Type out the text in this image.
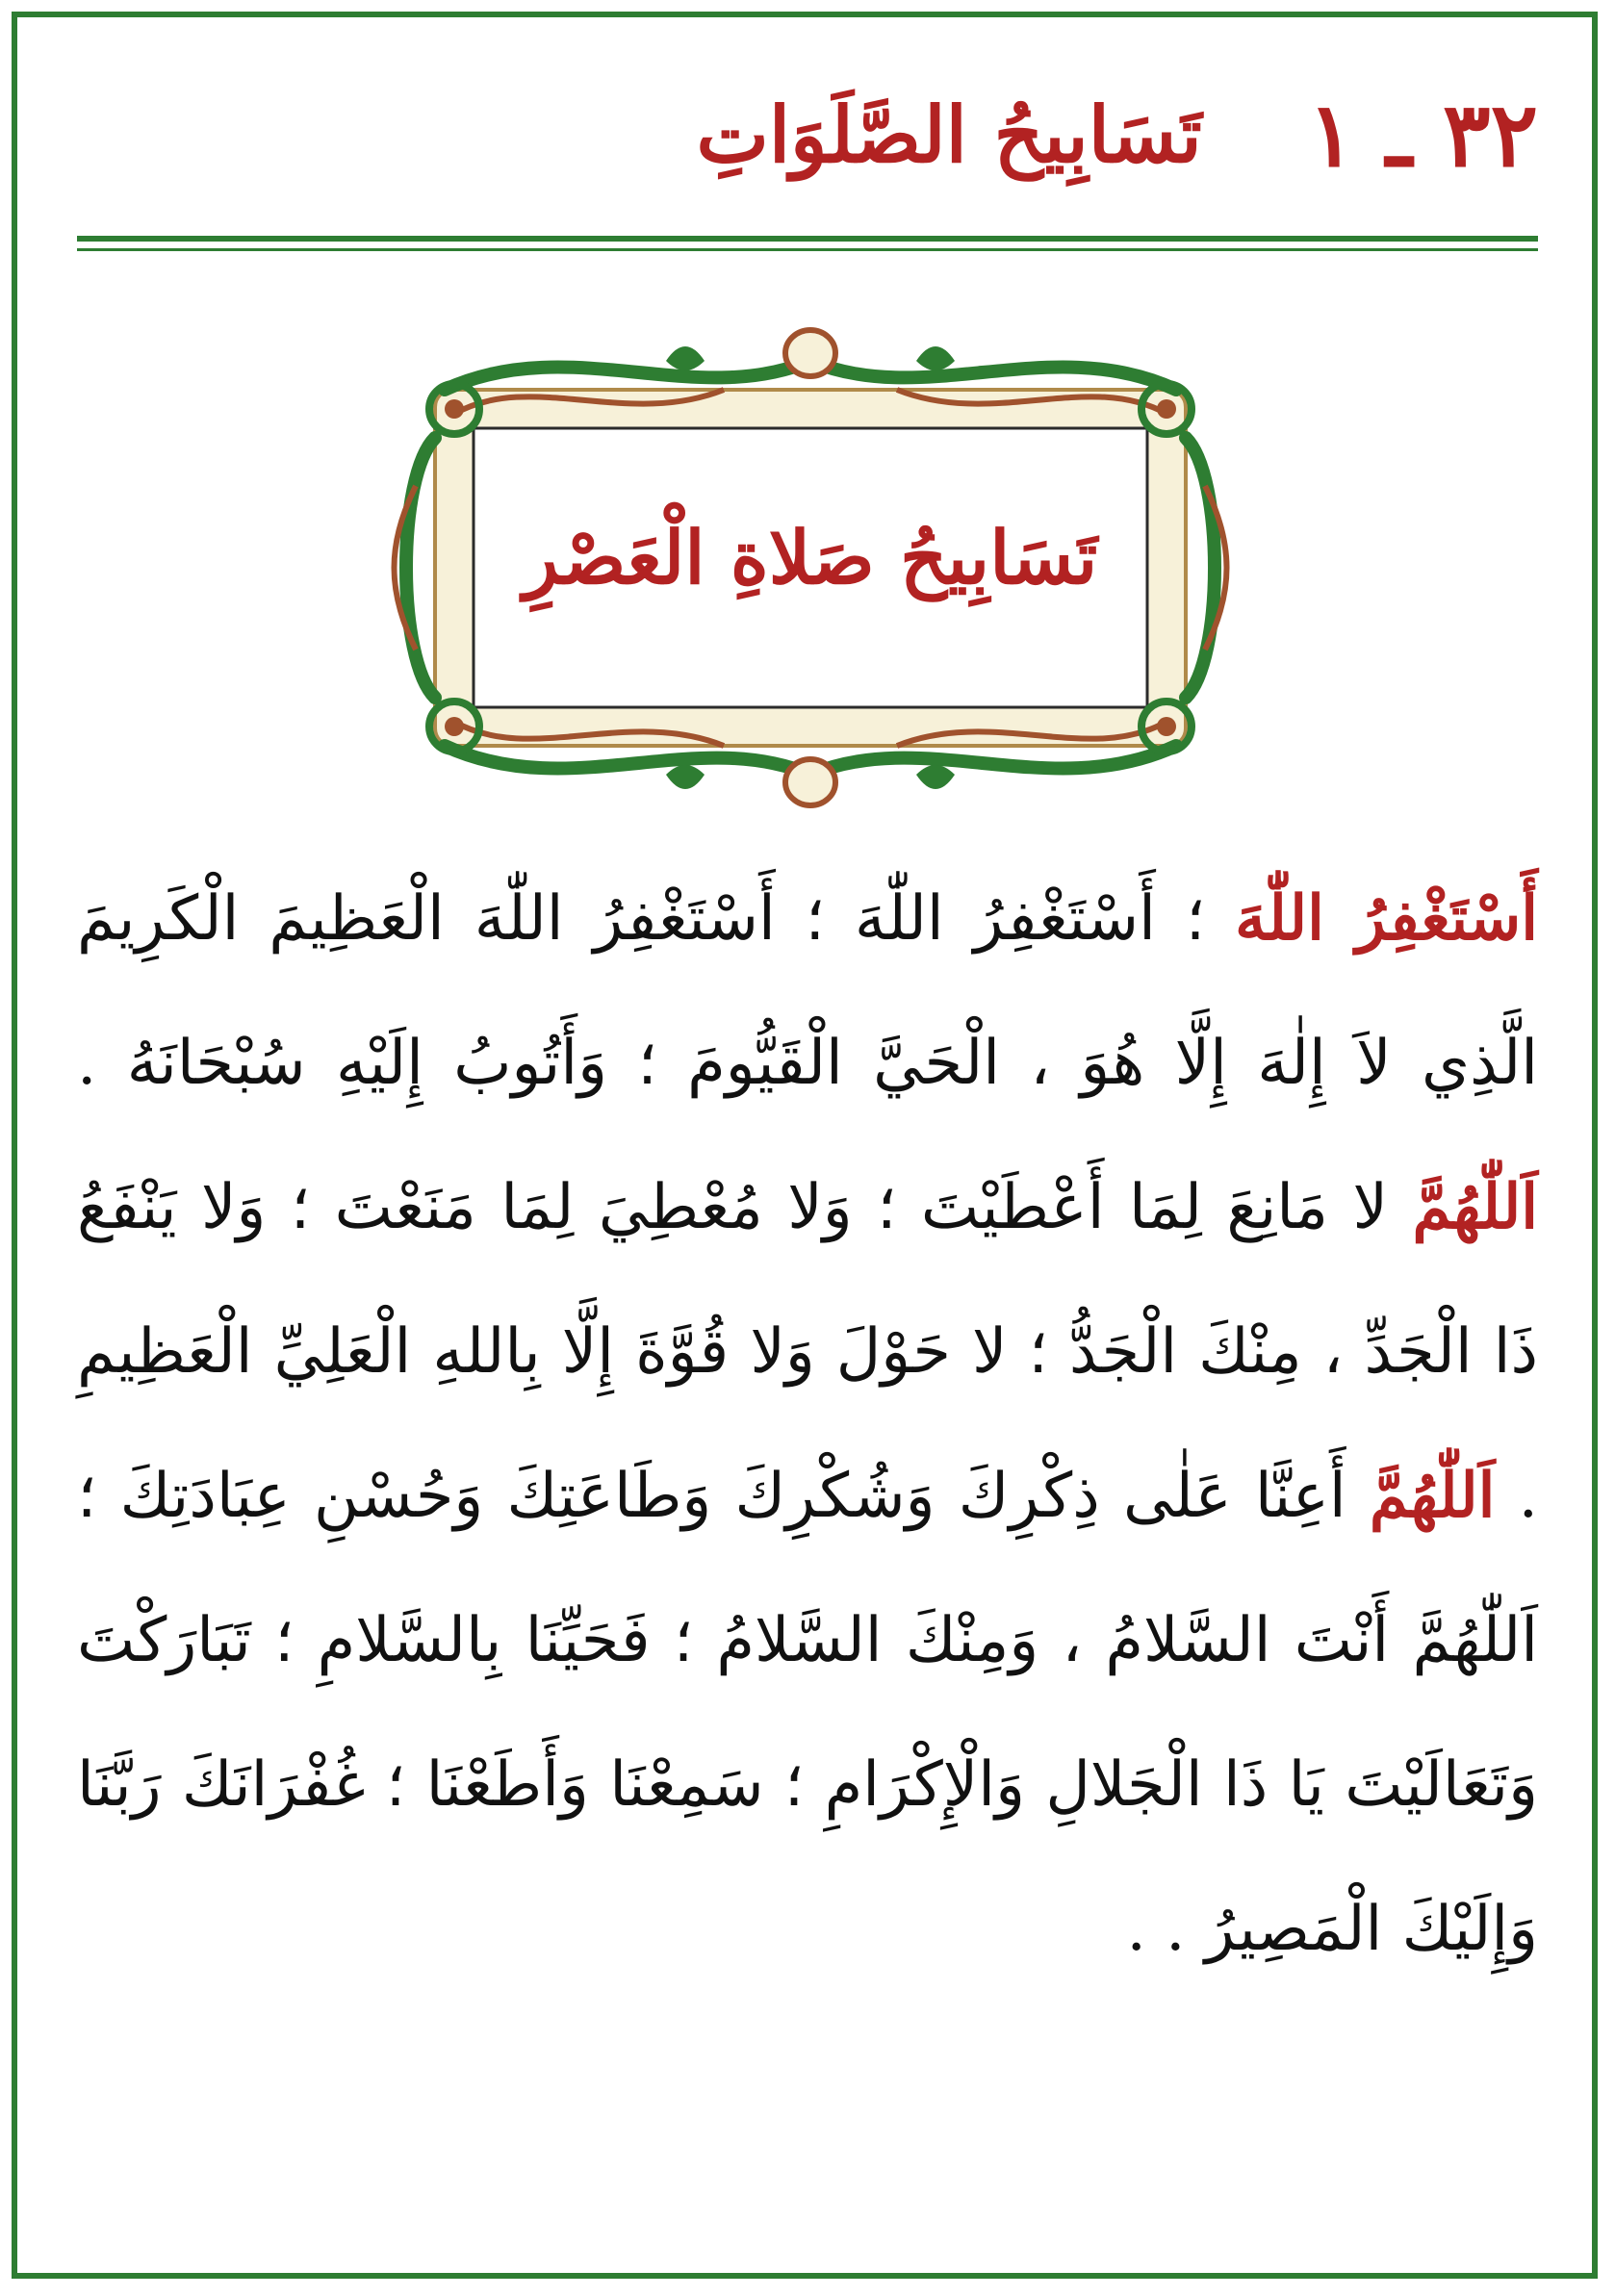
٣٢ ـ ١
تَسَابِيحُ الصَّلَوَاتِ
تَسَابِيحُ صَلاةِ الْعَصْرِ

أَسْتَغْفِرُ اللّٰهَ ؛ أَسْتَغْفِرُ اللّٰهَ ؛ أَسْتَغْفِرُ اللّٰهَ الْعَظِيمَ الْكَرِيمَ الَّذِي لاَ إِلٰهَ إِلَّا هُوَ ، الْحَيَّ الْقَيُّومَ ؛ وَأَتُوبُ إِلَيْهِ سُبْحَانَهُ . اَللّٰهُمَّ لا مَانِعَ لِمَا أَعْطَيْتَ ؛ وَلا مُعْطِيَ لِمَا مَنَعْتَ ؛ وَلا يَنْفَعُ ذَا الْجَدِّ ، مِنْكَ الْجَدُّ ؛ لا حَوْلَ وَلا قُوَّةَ إِلَّا بِاللهِ الْعَلِيِّ الْعَظِيمِ . اَللّٰهُمَّ أَعِنَّا عَلٰى ذِكْرِكَ وَشُكْرِكَ وَطَاعَتِكَ وَحُسْنِ عِبَادَتِكَ ؛ اَللّٰهُمَّ أَنْتَ السَّلامُ ، وَمِنْكَ السَّلامُ ؛ فَحَيِّنَا بِالسَّلامِ ؛ تَبَارَكْتَ وَتَعَالَيْتَ يَا ذَا الْجَلالِ وَالْإِكْرَامِ ؛ سَمِعْنَا وَأَطَعْنَا ؛ غُفْرَانَكَ رَبَّنَا وَإِلَيْكَ الْمَصِيرُ . .
